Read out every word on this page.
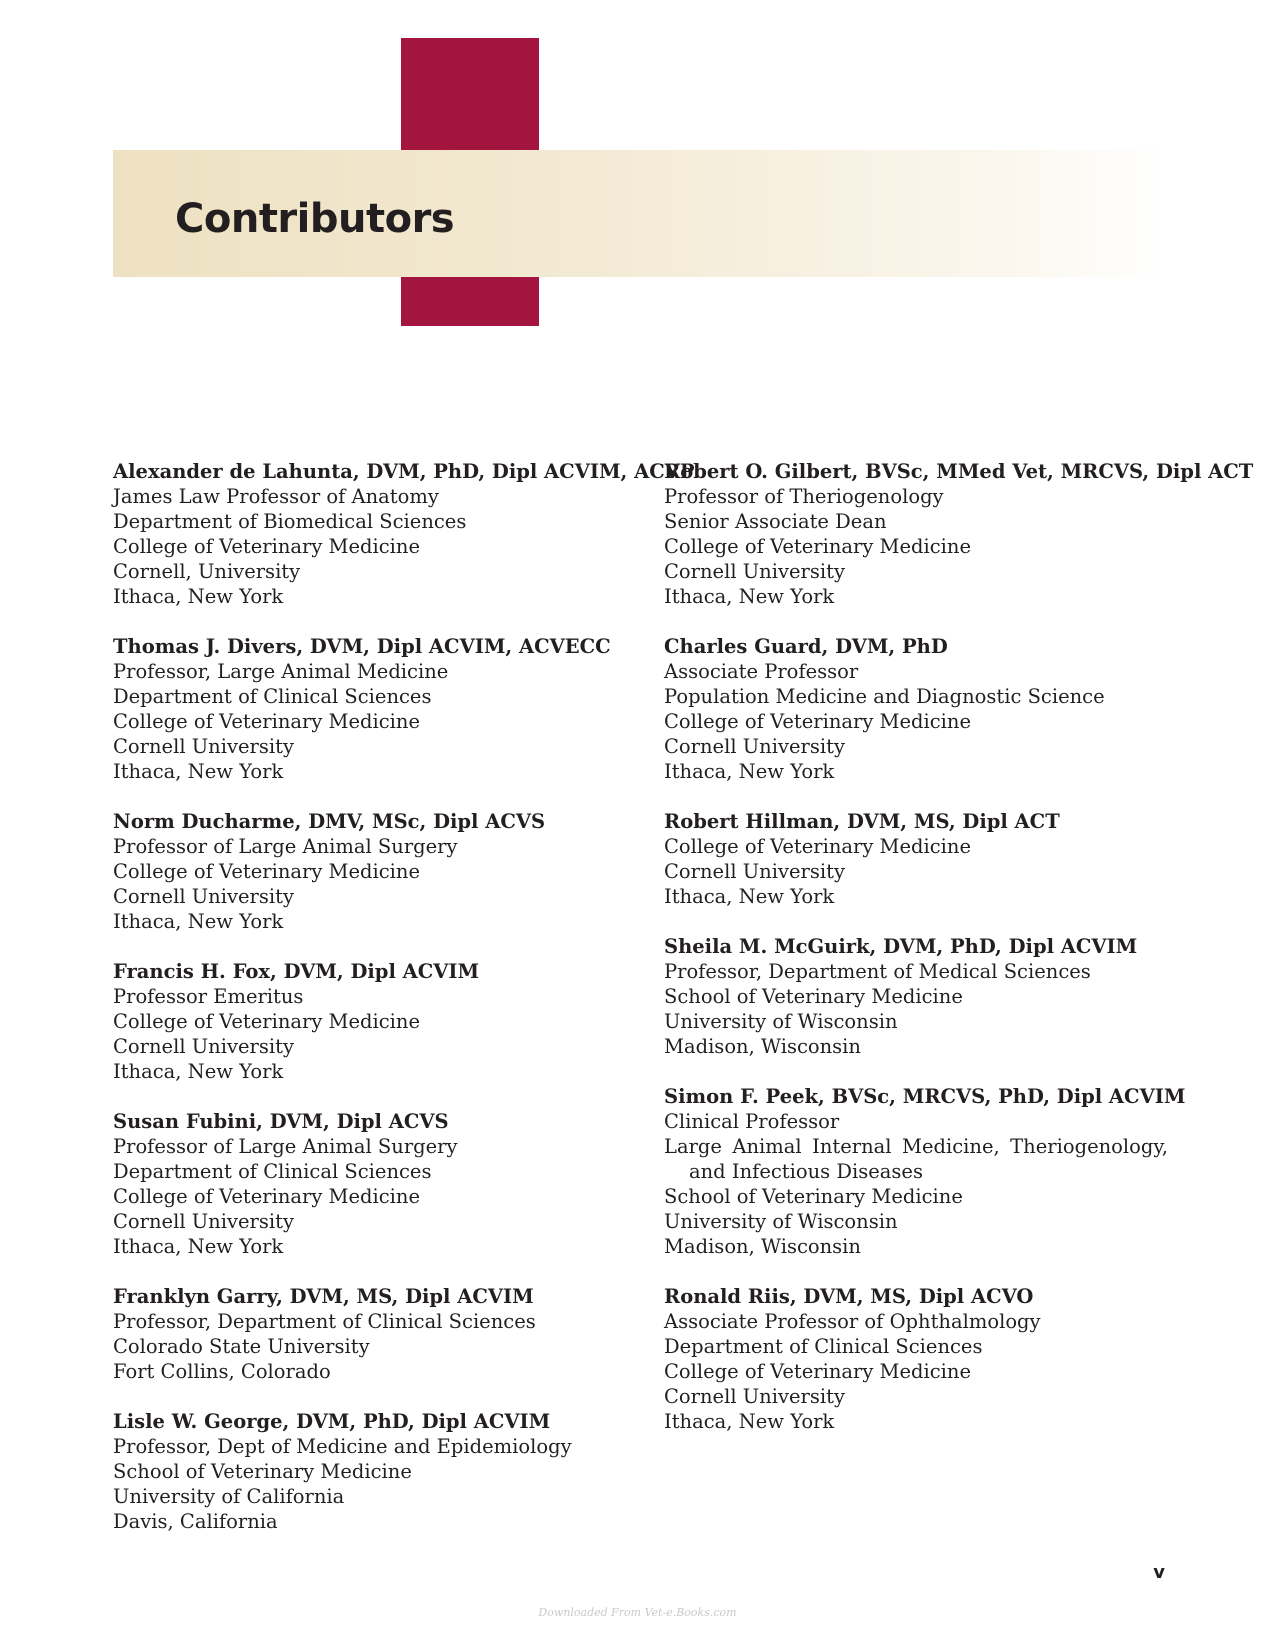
Contributors
Alexander de Lahunta, DVM, PhD, Dipl ACVIM, ACVP
James Law Professor of Anatomy
Department of Biomedical Sciences
College of Veterinary Medicine
Cornell, University
Ithaca, New York
Thomas J. Divers, DVM, Dipl ACVIM, ACVECC
Professor, Large Animal Medicine
Department of Clinical Sciences
College of Veterinary Medicine
Cornell University
Ithaca, New York
Norm Ducharme, DMV, MSc, Dipl ACVS
Professor of Large Animal Surgery
College of Veterinary Medicine
Cornell University
Ithaca, New York
Francis H. Fox, DVM, Dipl ACVIM
Professor Emeritus
College of Veterinary Medicine
Cornell University
Ithaca, New York
Susan Fubini, DVM, Dipl ACVS
Professor of Large Animal Surgery
Department of Clinical Sciences
College of Veterinary Medicine
Cornell University
Ithaca, New York
Franklyn Garry, DVM, MS, Dipl ACVIM
Professor, Department of Clinical Sciences
Colorado State University
Fort Collins, Colorado
Lisle W. George, DVM, PhD, Dipl ACVIM
Professor, Dept of Medicine and Epidemiology
School of Veterinary Medicine
University of California
Davis, California
Robert O. Gilbert, BVSc, MMed Vet, MRCVS, Dipl ACT
Professor of Theriogenology
Senior Associate Dean
College of Veterinary Medicine
Cornell University
Ithaca, New York
Charles Guard, DVM, PhD
Associate Professor
Population Medicine and Diagnostic Science
College of Veterinary Medicine
Cornell University
Ithaca, New York
Robert Hillman, DVM, MS, Dipl ACT
College of Veterinary Medicine
Cornell University
Ithaca, New York
Sheila M. McGuirk, DVM, PhD, Dipl ACVIM
Professor, Department of Medical Sciences
School of Veterinary Medicine
University of Wisconsin
Madison, Wisconsin
Simon F. Peek, BVSc, MRCVS, PhD, Dipl ACVIM
Clinical Professor
Large Animal Internal Medicine, Theriogenology, and Infectious Diseases
School of Veterinary Medicine
University of Wisconsin
Madison, Wisconsin
Ronald Riis, DVM, MS, Dipl ACVO
Associate Professor of Ophthalmology
Department of Clinical Sciences
College of Veterinary Medicine
Cornell University
Ithaca, New York
v
Downloaded From Vet-e.Books.com
